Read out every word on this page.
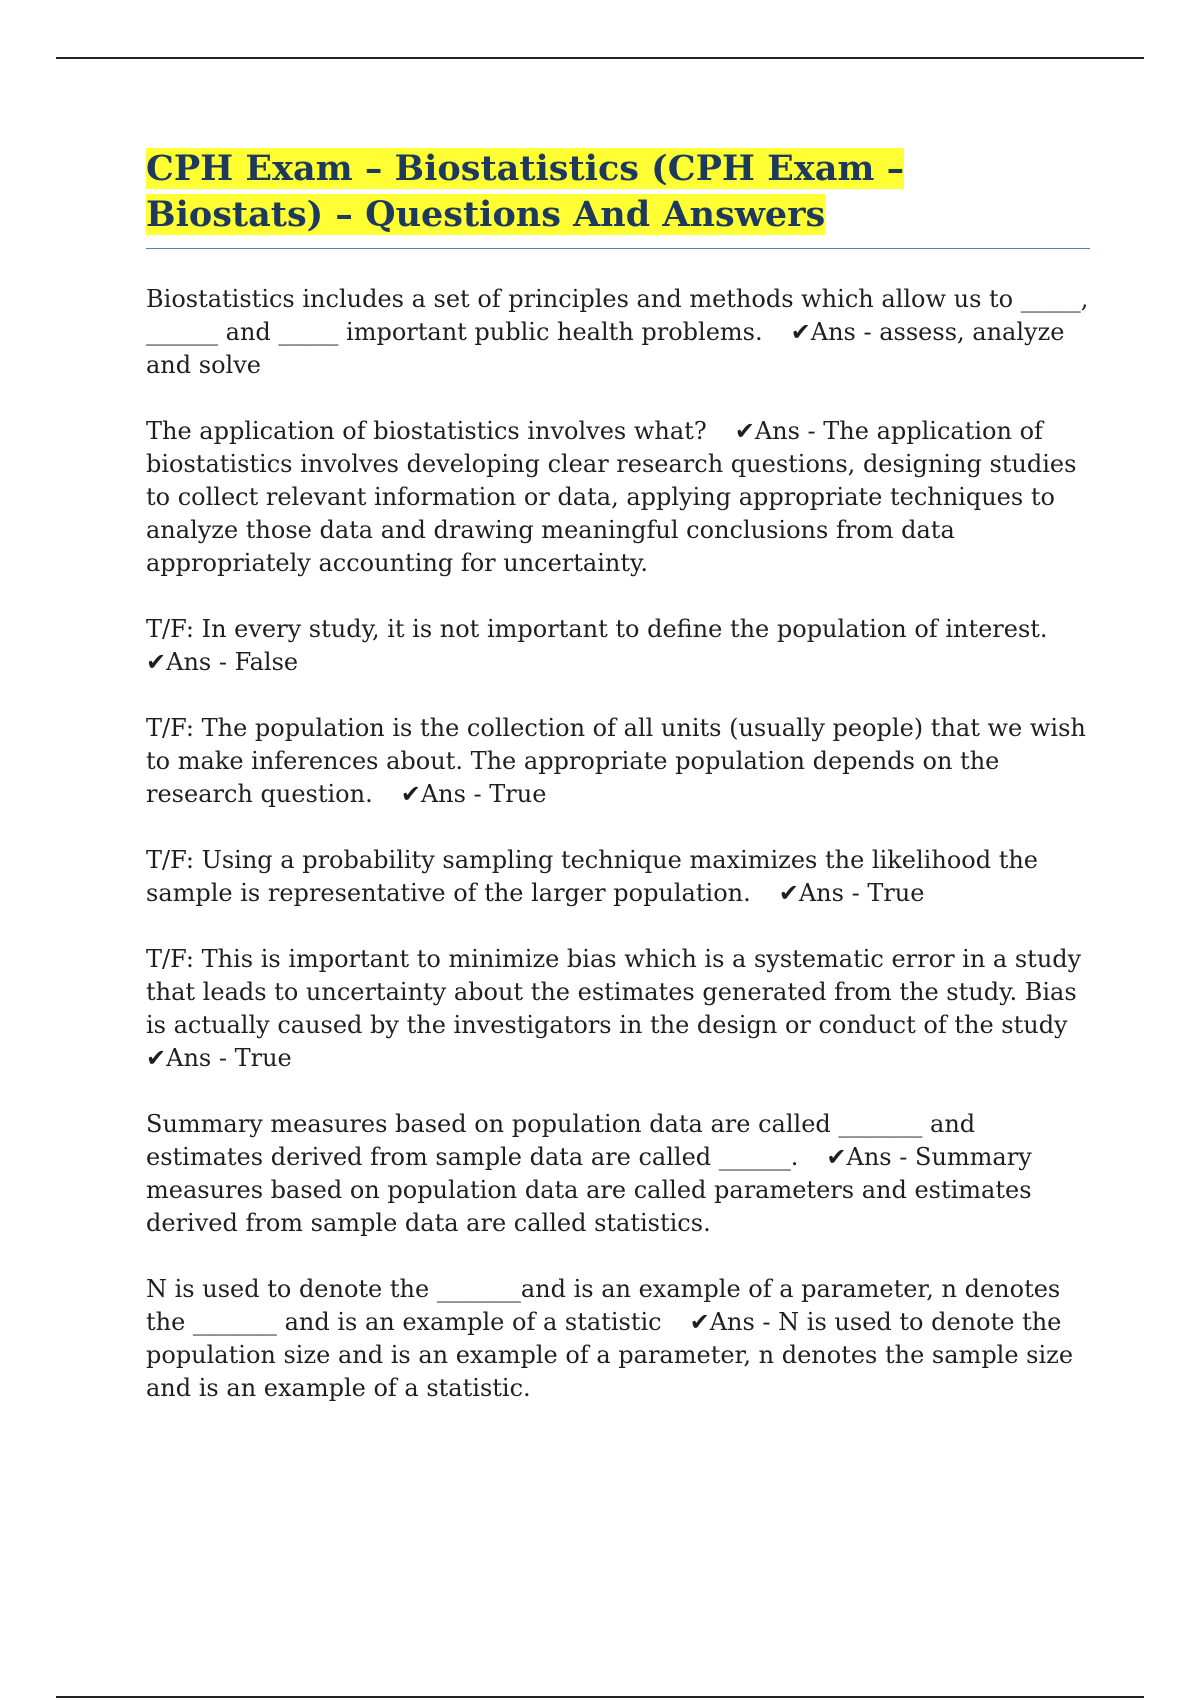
CPH Exam – Biostatistics (CPH Exam – Biostats) – Questions And Answers

Biostatistics includes a set of principles and methods which allow us to _____, ______ and _____ important public health problems. ✔Ans - assess, analyze and solve

The application of biostatistics involves what? ✔Ans - The application of biostatistics involves developing clear research questions, designing studies to collect relevant information or data, applying appropriate techniques to analyze those data and drawing meaningful conclusions from data appropriately accounting for uncertainty.

T/F: In every study, it is not important to define the population of interest.
✔Ans - False

T/F: The population is the collection of all units (usually people) that we wish to make inferences about. The appropriate population depends on the research question. ✔Ans - True

T/F: Using a probability sampling technique maximizes the likelihood the sample is representative of the larger population. ✔Ans - True

T/F: This is important to minimize bias which is a systematic error in a study that leads to uncertainty about the estimates generated from the study. Bias is actually caused by the investigators in the design or conduct of the study
✔Ans - True

Summary measures based on population data are called _______ and estimates derived from sample data are called ______. ✔Ans - Summary measures based on population data are called parameters and estimates derived from sample data are called statistics.

N is used to denote the _______and is an example of a parameter, n denotes the _______ and is an example of a statistic ✔Ans - N is used to denote the population size and is an example of a parameter, n denotes the sample size and is an example of a statistic.
